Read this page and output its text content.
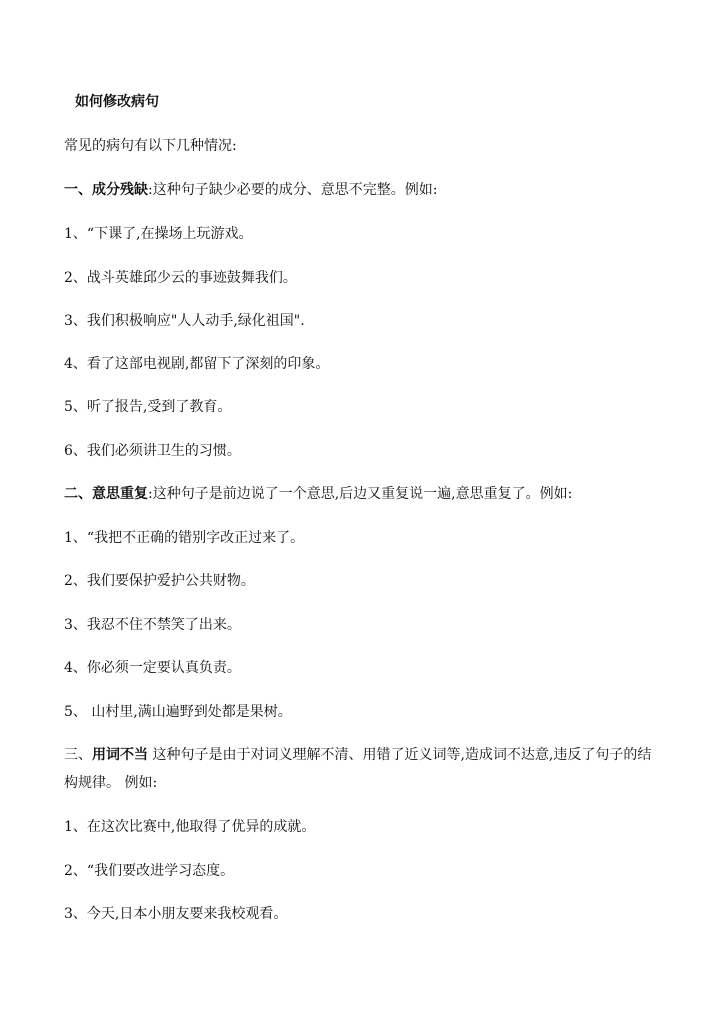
如何修改病句
常见的病句有以下几种情况:
一、成分残缺:这种句子缺少必要的成分、意思不完整。例如:
1、“下课了,在操场上玩游戏。
2、战斗英雄邱少云的事迹鼓舞我们。
3、我们积极响应"人人动手,绿化祖国".
4、看了这部电视剧,都留下了深刻的印象。
5、听了报告,受到了教育。
6、我们必须讲卫生的习惯。
二、意思重复:这种句子是前边说了一个意思,后边又重复说一遍,意思重复了。例如:
1、“我把不正确的错别字改正过来了。
2、我们要保护爱护公共财物。
3、我忍不住不禁笑了出来。
4、你必须一定要认真负责。
5、 山村里,满山遍野到处都是果树。
三、用词不当 这种句子是由于对词义理解不清、用错了近义词等,造成词不达意,违反了句子的结构规律。 例如:
1、在这次比赛中,他取得了优异的成就。
2、“我们要改进学习态度。
3、今天,日本小朋友要来我校观看。
